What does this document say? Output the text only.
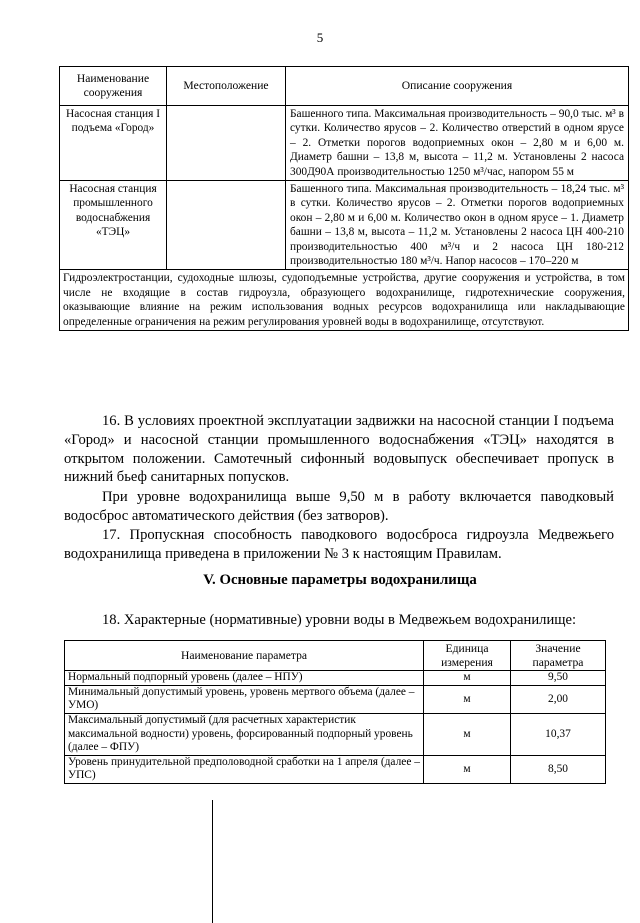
5
Наименование сооружения	Местоположение	Описание сооружения
Насосная станция I подъема «Город»		Башенного типа. Максимальная производительность – 90,0 тыс. м³ в сутки. Количество ярусов – 2. Количество отверстий в одном ярусе – 2. Отметки порогов водоприемных окон – 2,80 м и 6,00 м. Диаметр башни – 13,8 м, высота – 11,2 м. Установлены 2 насоса 300Д90А производительностью 1250 м³/час, напором 55 м
Насосная станция промышленного водоснабжения «ТЭЦ»		Башенного типа. Максимальная производительность – 18,24 тыс. м³ в сутки. Количество ярусов – 2. Отметки порогов водоприемных окон – 2,80 м и 6,00 м. Количество окон в одном ярусе – 1. Диаметр башни – 13,8 м, высота – 11,2 м. Установлены 2 насоса ЦН 400-210 производительностью 400 м³/ч и 2 насоса ЦН 180-212 производительностью 180 м³/ч. Напор насосов – 170–220 м
Гидроэлектростанции, судоходные шлюзы, судоподъемные устройства, другие сооружения и устройства, в том числе не входящие в состав гидроузла, образующего водохранилище, гидротехнические сооружения, оказывающие влияние на режим использования водных ресурсов водохранилища или накладывающие определенные ограничения на режим регулирования уровней воды в водохранилище, отсутствуют.		

16. В условиях проектной эксплуатации задвижки на насосной станции I подъема «Город» и насосной станции промышленного водоснабжения «ТЭЦ» находятся в открытом положении. Самотечный сифонный водовыпуск обеспечивает пропуск в нижний бьеф санитарных попусков.

При уровне водохранилища выше 9,50 м в работу включается паводковый водосброс автоматического действия (без затворов).

17. Пропускная способность паводкового водосброса гидроузла Медвежьего водохранилища приведена в приложении № 3 к настоящим Правилам.

V. Основные параметры водохранилища

18. Характерные (нормативные) уровни воды в Медвежьем водохранилище:

Наименование параметра	Единица измерения	Значение параметра
Нормальный подпорный уровень (далее – НПУ)	м	9,50
Минимальный допустимый уровень, уровень мертвого объема (далее – УМО)	м	2,00
Максимальный допустимый (для расчетных характеристик максимальной водности) уровень, форсированный подпорный уровень (далее – ФПУ)	м	10,37
Уровень принудительной предполоводной сработки на 1 апреля (далее – УПС)	м	8,50
